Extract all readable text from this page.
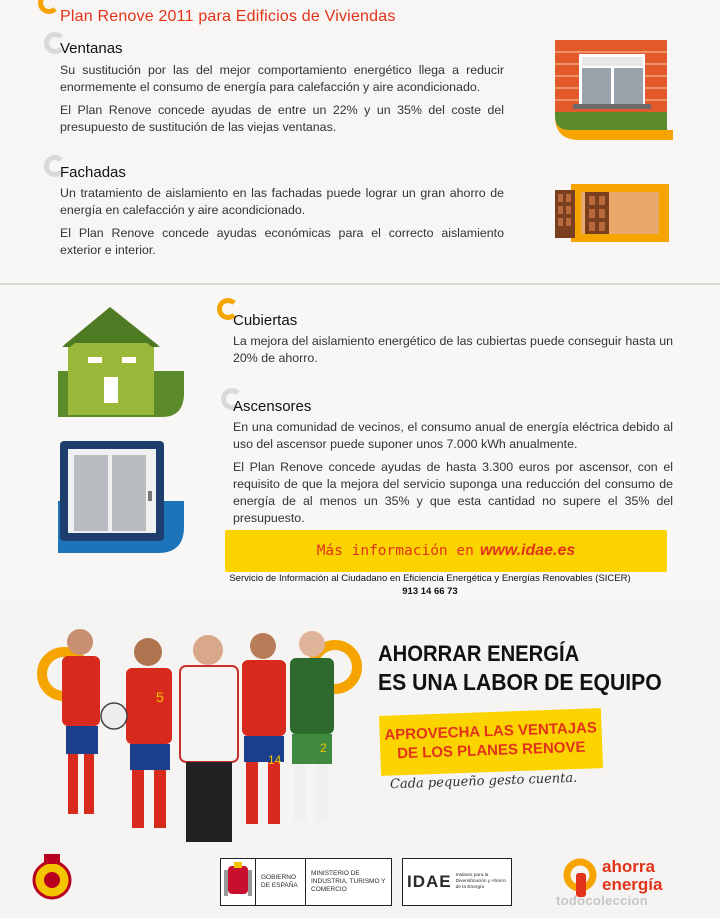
Plan Renove 2011 para Edificios de Viviendas
Ventanas

Su sustitución por las del mejor comportamiento energético llega a reducir enormemente el consumo de energía para calefacción y aire acondicionado.

El Plan Renove concede ayudas de entre un 22% y un 35% del coste del presupuesto de sustitución de las viejas ventanas.

Fachadas

Un tratamiento de aislamiento en las fachadas puede lograr un gran ahorro de energía en calefacción y aire acondicionado.

El Plan Renove concede ayudas económicas para el correcto aislamiento exterior e interior.

Cubiertas

La mejora del aislamiento energético de las cubiertas puede conseguir hasta un 20% de ahorro.

Ascensores

En una comunidad de vecinos, el consumo anual de energía eléctrica debido al uso del ascensor puede suponer unos 7.000 kWh anualmente.

El Plan Renove concede ayudas de hasta 3.300 euros por ascensor, con el requisito de que la mejora del servicio suponga una reducción del consumo de energía de al menos un 35% y que esta cantidad no supere el 35% del presupuesto.

Más información en www.idae.es
Servicio de Información al Ciudadano en Eficiencia Energética y Energías Renovables (SICER)
913 14 66 73
5
14
2
AHORRAR ENERGÍA
ES UNA LABOR DE EQUIPO
APROVECHA LAS VENTAJAS
DE LOS PLANES RENOVE
Cada pequeño gesto cuenta.
GOBIERNO DE ESPAÑA
MINISTERIO DE INDUSTRIA, TURISMO Y COMERCIO	IDAE Instituto para la Diversificación y Ahorro de la Energía
ahorra
energía
todocoleccion
